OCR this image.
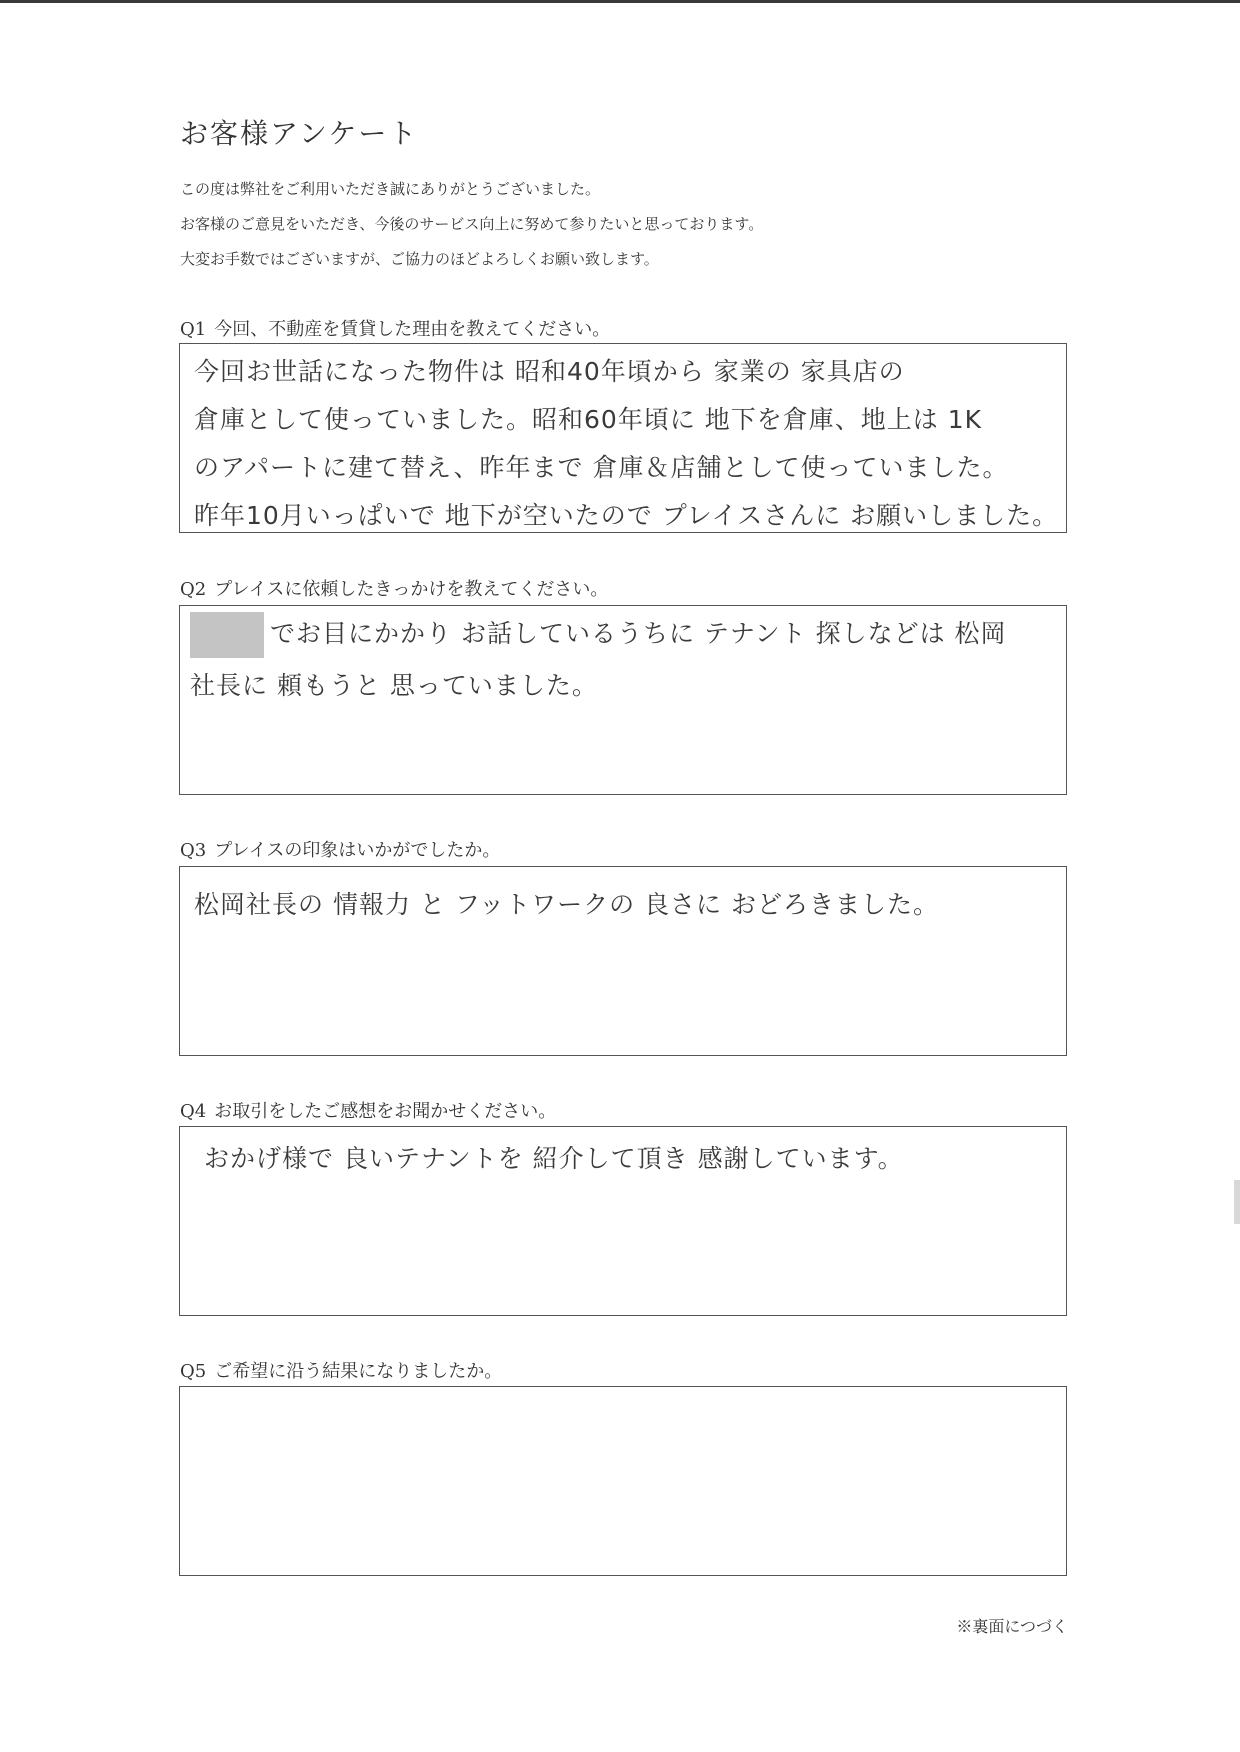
お客様アンケート
この度は弊社をご利用いただき誠にありがとうございました。
お客様のご意見をいただき、今後のサービス向上に努めて参りたいと思っております。
大変お手数ではございますが、ご協力のほどよろしくお願い致します。
Q1 今回、不動産を賃貸した理由を教えてください。
今回お世話になった物件は 昭和40年頃から 家業の 家具店の
倉庫として使っていました。昭和60年頃に 地下を倉庫、地上は 1K
のアパートに建て替え、昨年まで 倉庫＆店舗として使っていました。
昨年10月いっぱいで 地下が空いたので プレイスさんに お願いしました。
Q2 プレイスに依頼したきっかけを教えてください。
でお目にかかり お話しているうちに テナント 探しなどは 松岡
社長に 頼もうと 思っていました。
Q3 プレイスの印象はいかがでしたか。
松岡社長の 情報力 と フットワークの 良さに おどろきました。
Q4 お取引をしたご感想をお聞かせください。
おかげ様で 良いテナントを 紹介して頂き 感謝しています。
Q5 ご希望に沿う結果になりましたか。
※裏面につづく
